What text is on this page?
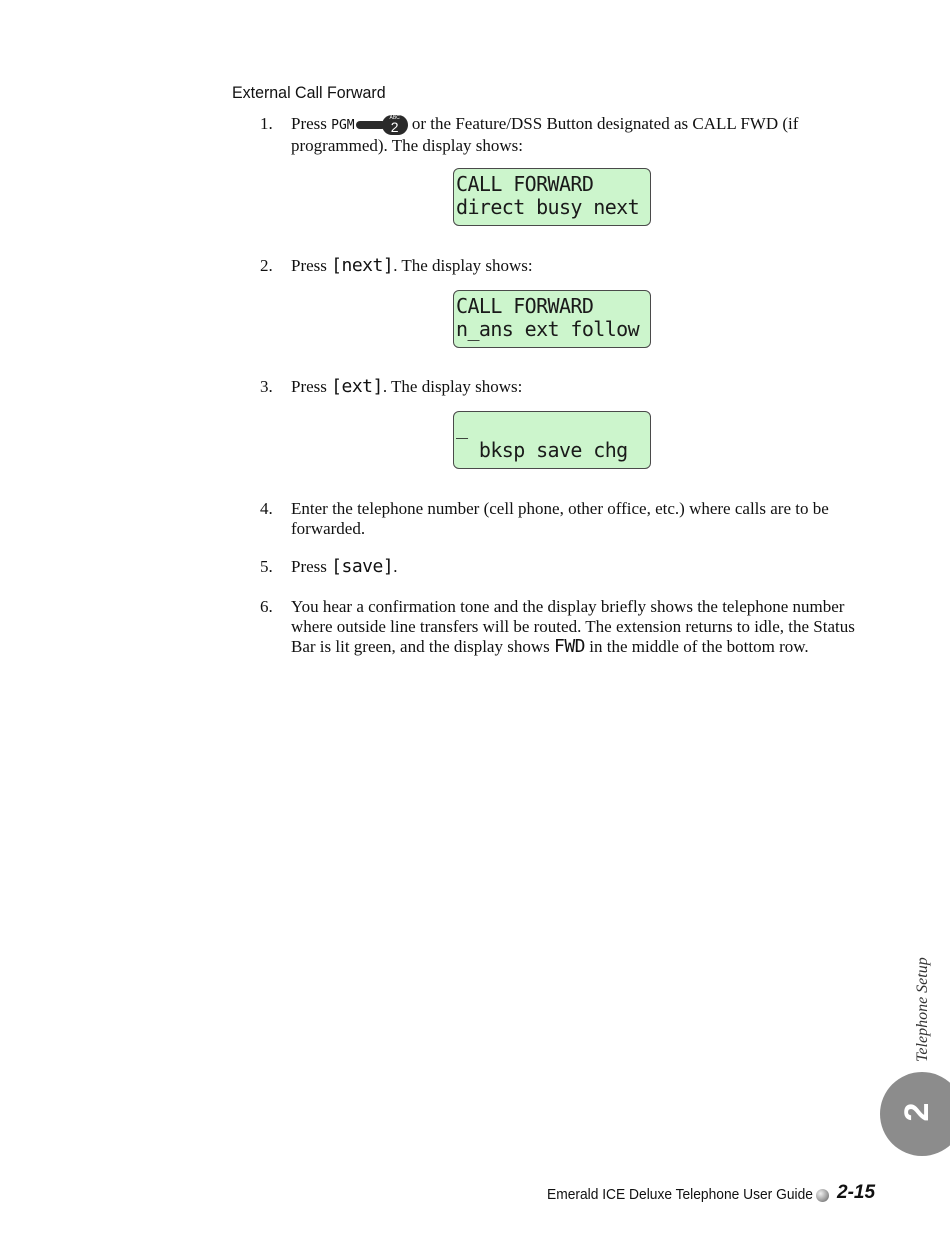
External Call Forward
1. Press PGM	ABC
2 or the Feature/DSS Button designated as CALL FWD (if
programmed). The display shows:
CALL FORWARD
direct busy next
2. Press [next]. The display shows:
CALL FORWARD
n_ans ext follow
3. Press [ext]. The display shows:
_
bksp save chg
4. Enter the telephone number (cell phone, other office, etc.) where calls are to be forwarded.
5. Press [save].
6. You hear a confirmation tone and the display briefly shows the telephone number where outside line transfers will be routed. The extension returns to idle, the Status Bar is lit green, and the display shows FWD in the middle of the bottom row.
Telephone Setup
2
Emerald ICE Deluxe Telephone User Guide 2-15
